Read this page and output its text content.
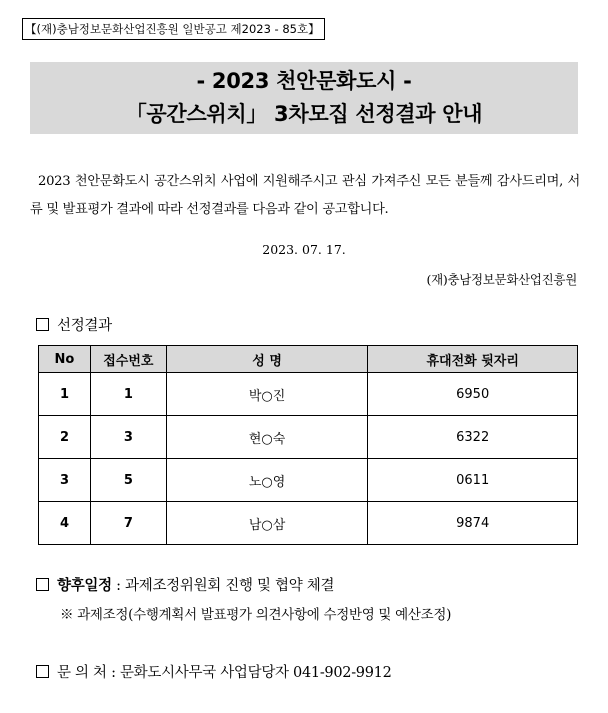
【(재)충남정보문화산업진흥원 일반공고 제2023 - 85호】
- 2023 천안문화도시 -
「공간스위치」 3차모집 선정결과 안내
2023 천안문화도시 공간스위치 사업에 지원해주시고 관심 가져주신 모든 분들께 감사드리며, 서류 및 발표평가 결과에 따라 선정결과를 다음과 같이 공고합니다.
2023. 07. 17.
(재)충남정보문화산업진흥원
선정결과
No	접수번호	성 명	휴대전화 뒷자리
1	1	박○진	6950
2	3	현○숙	6322
3	5	노○영	0611
4	7	남○삼	9874
향후일정 : 과제조정위원회 진행 및 협약 체결
※ 과제조정(수행계획서 발표평가 의견사항에 수정반영 및 예산조정)
문 의 처 : 문화도시사무국 사업담당자 041-902-9912
